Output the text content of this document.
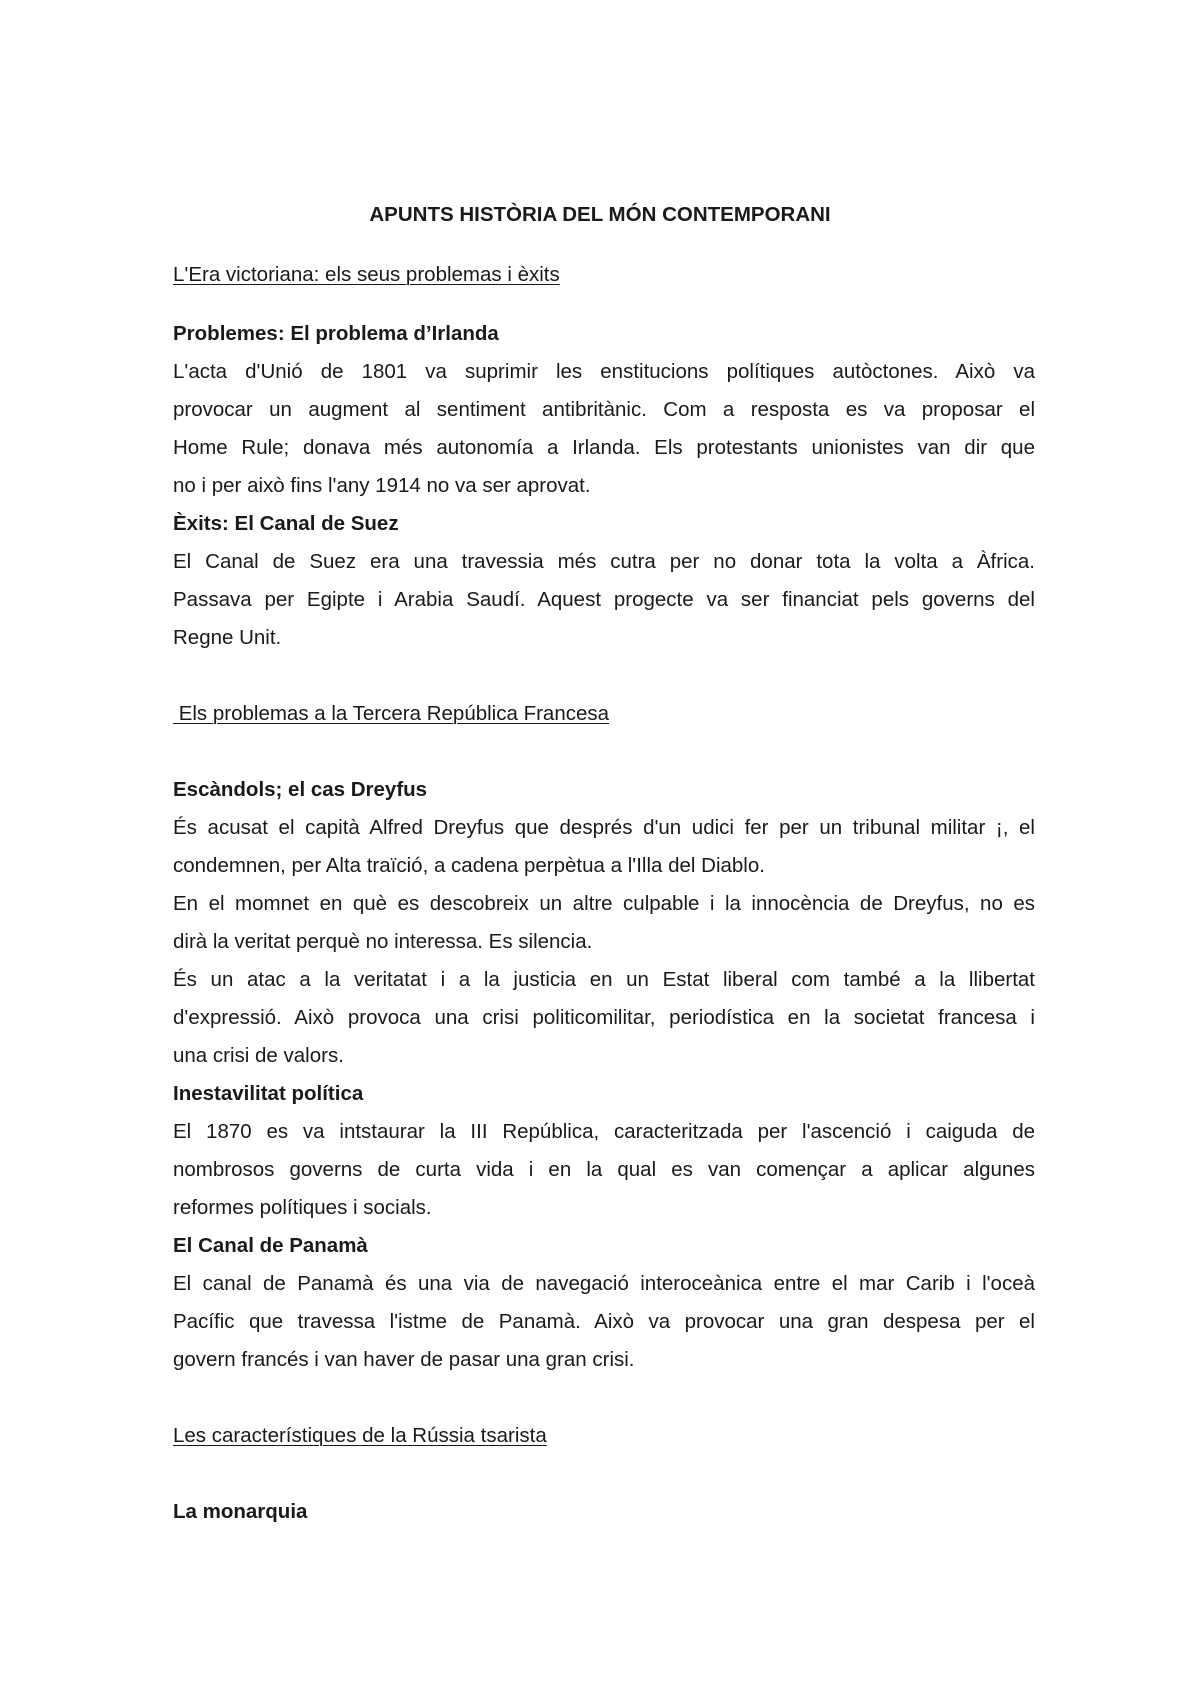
APUNTS HISTÒRIA DEL MÓN CONTEMPORANI
L'Era victoriana: els seus problemas i èxits
Problemes: El problema d’Irlanda
L'acta d'Unió de 1801 va suprimir les enstitucions polítiques autòctones. Això va
provocar un augment al sentiment antibritànic. Com a resposta es va proposar el
Home Rule; donava més autonomía a Irlanda. Els protestants unionistes van dir que
no i per això fins l'any 1914 no va ser aprovat.
Èxits: El Canal de Suez
El Canal de Suez era una travessia més cutra per no donar tota la volta a Àfrica.
Passava per Egipte i Arabia Saudí. Aquest progecte va ser financiat pels governs del
Regne Unit.
Els problemas a la Tercera República Francesa
Escàndols; el cas Dreyfus
És acusat el capità Alfred Dreyfus que després d'un udici fer per un tribunal militar ¡, el
condemnen, per Alta traïció, a cadena perpètua a l'Illa del Diablo.
En el momnet en què es descobreix un altre culpable i la innocència de Dreyfus, no es
dirà la veritat perquè no interessa. Es silencia.
És un atac a la veritatat i a la justicia en un Estat liberal com també a la llibertat
d'expressió. Això provoca una crisi politicomilitar, periodística en la societat francesa i
una crisi de valors.
Inestavilitat política
El 1870 es va intstaurar la III República, caracteritzada per l'ascenció i caiguda de
nombrosos governs de curta vida i en la qual es van començar a aplicar algunes
reformes polítiques i socials.
El Canal de Panamà
El canal de Panamà és una via de navegació interoceànica entre el mar Carib i l'oceà
Pacífic que travessa l'istme de Panamà. Això va provocar una gran despesa per el
govern francés i van haver de pasar una gran crisi.
Les característiques de la Rússia tsarista
La monarquia
